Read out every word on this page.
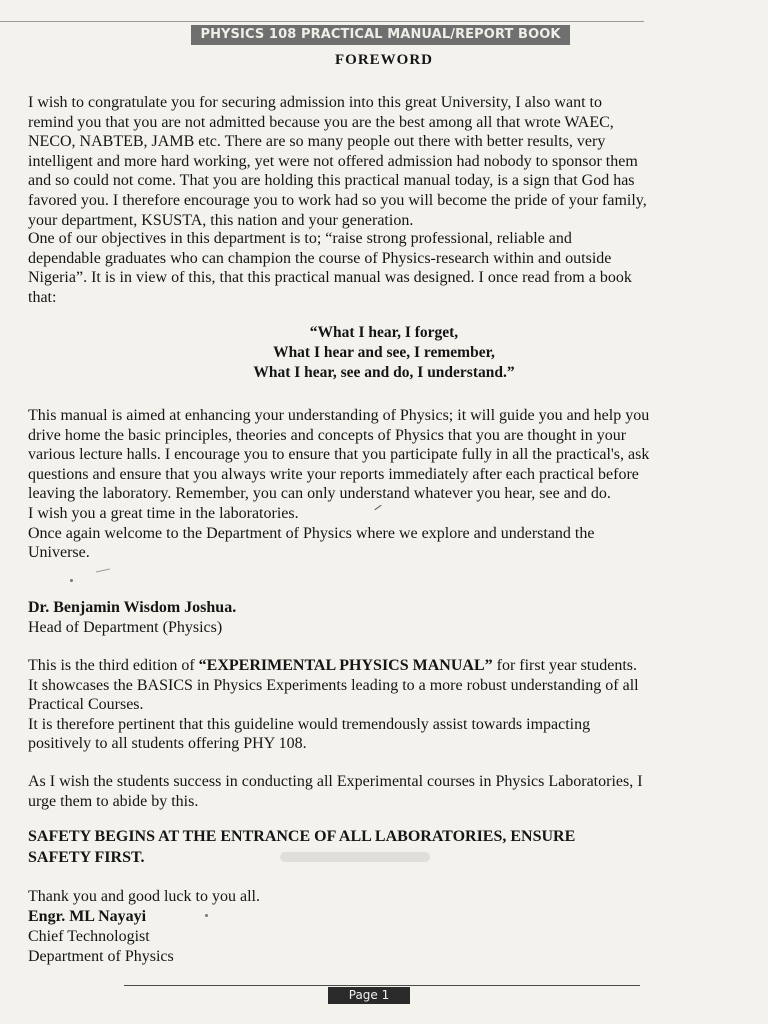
PHYSICS 108 PRACTICAL MANUAL/REPORT BOOK
FOREWORD
I wish to congratulate you for securing admission into this great University, I also want to
remind you that you are not admitted because you are the best among all that wrote WAEC,
NECO, NABTEB, JAMB etc. There are so many people out there with better results, very
intelligent and more hard working, yet were not offered admission had nobody to sponsor them
and so could not come. That you are holding this practical manual today, is a sign that God has
favored you. I therefore encourage you to work had so you will become the pride of your family,
your department, KSUSTA, this nation and your generation.
One of our objectives in this department is to; “raise strong professional, reliable and
dependable graduates who can champion the course of Physics-research within and outside
Nigeria”. It is in view of this, that this practical manual was designed. I once read from a book
that:
“What I hear, I forget,
What I hear and see, I remember,
What I hear, see and do, I understand.”
This manual is aimed at enhancing your understanding of Physics; it will guide you and help you
drive home the basic principles, theories and concepts of Physics that you are thought in your
various lecture halls. I encourage you to ensure that you participate fully in all the practical's, ask
questions and ensure that you always write your reports immediately after each practical before
leaving the laboratory. Remember, you can only understand whatever you hear, see and do.
I wish you a great time in the laboratories.
Once again welcome to the Department of Physics where we explore and understand the
Universe.
Dr. Benjamin Wisdom Joshua.
Head of Department (Physics)
This is the third edition of “EXPERIMENTAL PHYSICS MANUAL” for first year students.
It showcases the BASICS in Physics Experiments leading to a more robust understanding of all
Practical Courses.
It is therefore pertinent that this guideline would tremendously assist towards impacting
positively to all students offering PHY 108.
As I wish the students success in conducting all Experimental courses in Physics Laboratories, I
urge them to abide by this.
SAFETY BEGINS AT THE ENTRANCE OF ALL LABORATORIES, ENSURE
SAFETY FIRST.
Thank you and good luck to you all.
Engr. ML Nayayi
Chief Technologist
Department of Physics
Page 1
